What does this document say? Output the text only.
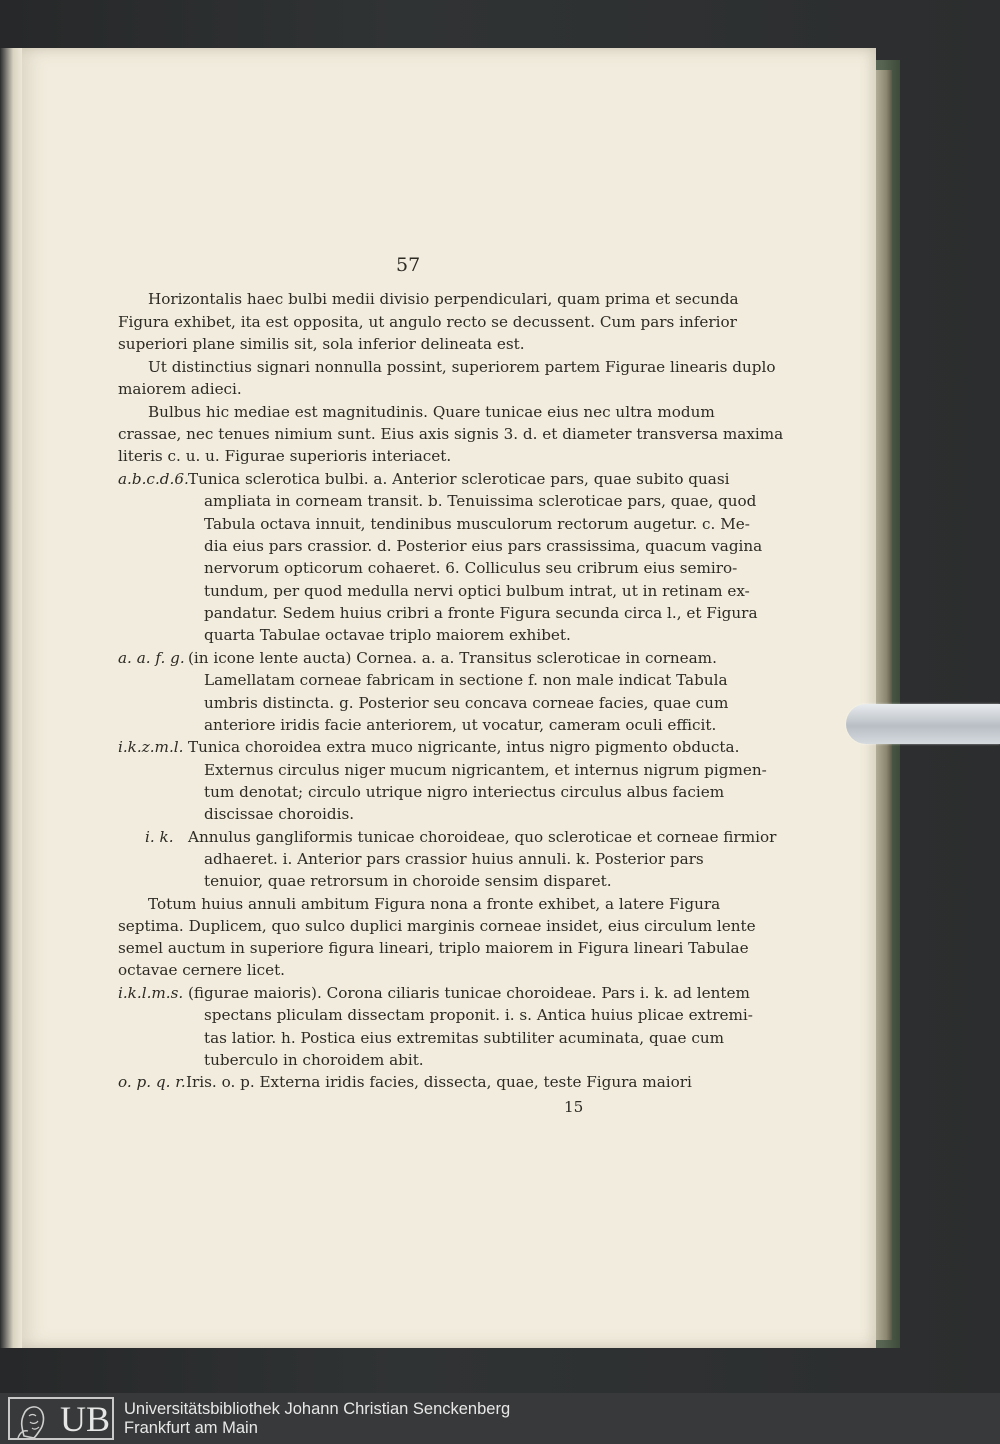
57
Horizontalis haec bulbi medii divisio perpendiculari, quam prima et secunda
Figura exhibet, ita est opposita, ut angulo recto se decussent. Cum pars inferior
superiori plane similis sit, sola inferior delineata est.
Ut distinctius signari nonnulla possint, superiorem partem Figurae linearis duplo
maiorem adieci.
Bulbus hic mediae est magnitudinis. Quare tunicae eius nec ultra modum
crassae, nec tenues nimium sunt. Eius axis signis 3. d. et diameter transversa maxima
literis c. u. u. Figurae superioris interiacet.
a.b.c.d.6. Tunica sclerotica bulbi. a. Anterior scleroticae pars, quae subito quasi
ampliata in corneam transit. b. Tenuissima scleroticae pars, quae, quod
Tabula octava innuit, tendinibus musculorum rectorum augetur. c. Me-
dia eius pars crassior. d. Posterior eius pars crassissima, quacum vagina
nervorum opticorum cohaeret. 6. Colliculus seu cribrum eius semiro-
tundum, per quod medulla nervi optici bulbum intrat, ut in retinam ex-
pandatur. Sedem huius cribri a fronte Figura secunda circa l., et Figura
quarta Tabulae octavae triplo maiorem exhibet.
a. a. f. g. (in icone lente aucta) Cornea. a. a. Transitus scleroticae in corneam.
Lamellatam corneae fabricam in sectione f. non male indicat Tabula
umbris distincta. g. Posterior seu concava corneae facies, quae cum
anteriore iridis facie anteriorem, ut vocatur, cameram oculi efficit.
i.k.z.m.l. Tunica choroidea extra muco nigricante, intus nigro pigmento obducta.
Externus circulus niger mucum nigricantem, et internus nigrum pigmen-
tum denotat; circulo utrique nigro interiectus circulus albus faciem
discissae choroidis.
i. k. Annulus gangliformis tunicae choroideae, quo scleroticae et corneae firmior
adhaeret. i. Anterior pars crassior huius annuli. k. Posterior pars
tenuior, quae retrorsum in choroide sensim disparet.
Totum huius annuli ambitum Figura nona a fronte exhibet, a latere Figura
septima. Duplicem, quo sulco duplici marginis corneae insidet, eius circulum lente
semel auctum in superiore figura lineari, triplo maiorem in Figura lineari Tabulae
octavae cernere licet.
i.k.l.m.s. (figurae maioris). Corona ciliaris tunicae choroideae. Pars i. k. ad lentem
spectans pliculam dissectam proponit. i. s. Antica huius plicae extremi-
tas latior. h. Postica eius extremitas subtiliter acuminata, quae cum
tuberculo in choroidem abit.
o. p. q. r. Iris. o. p. Externa iridis facies, dissecta, quae, teste Figura maiori
15
UB Universitätsbibliothek Johann Christian Senckenberg
Frankfurt am Main
